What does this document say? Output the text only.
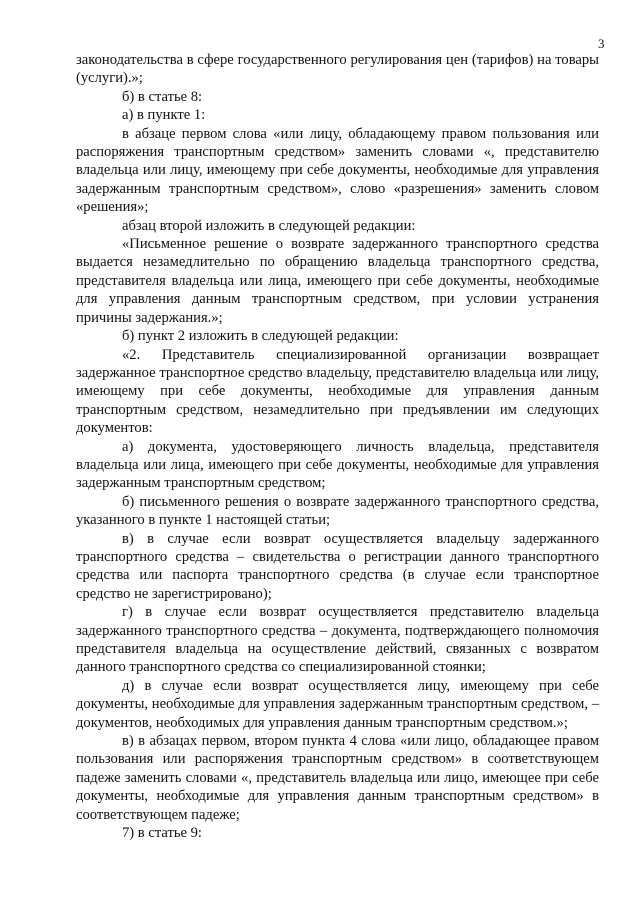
3

законодательства в сфере государственного регулирования цен (тарифов) на товары (услуги).»;

б) в статье 8:

а) в пункте 1:

в абзаце первом слова «или лицу, обладающему правом пользования или распоряжения транспортным средством» заменить словами «, представителю владельца или лицу, имеющему при себе документы, необходимые для управления задержанным транспортным средством», слово «разрешения» заменить словом «решения»;

абзац второй изложить в следующей редакции:

«Письменное решение о возврате задержанного транспортного средства выдается незамедлительно по обращению владельца транспортного средства, представителя владельца или лица, имеющего при себе документы, необходимые для управления данным транспортным средством, при условии устранения причины задержания.»;

б) пункт 2 изложить в следующей редакции:

«2. Представитель специализированной организации возвращает задержанное транспортное средство владельцу, представителю владельца или лицу, имеющему при себе документы, необходимые для управления данным транспортным средством, незамедлительно при предъявлении им следующих документов:

а) документа, удостоверяющего личность владельца, представителя владельца или лица, имеющего при себе документы, необходимые для управления задержанным транспортным средством;

б) письменного решения о возврате задержанного транспортного средства, указанного в пункте 1 настоящей статьи;

в) в случае если возврат осуществляется владельцу задержанного транспортного средства – свидетельства о регистрации данного транспортного средства или паспорта транспортного средства (в случае если транспортное средство не зарегистрировано);

г) в случае если возврат осуществляется представителю владельца задержанного транспортного средства – документа, подтверждающего полномочия представителя владельца на осуществление действий, связанных с возвратом данного транспортного средства со специализированной стоянки;

д) в случае если возврат осуществляется лицу, имеющему при себе документы, необходимые для управления задержанным транспортным средством, – документов, необходимых для управления данным транспортным средством.»;

в) в абзацах первом, втором пункта 4 слова «или лицо, обладающее правом пользования или распоряжения транспортным средством» в соответствующем падеже заменить словами «, представитель владельца или лицо, имеющее при себе документы, необходимые для управления данным транспортным средством» в соответствующем падеже;

7) в статье 9:
